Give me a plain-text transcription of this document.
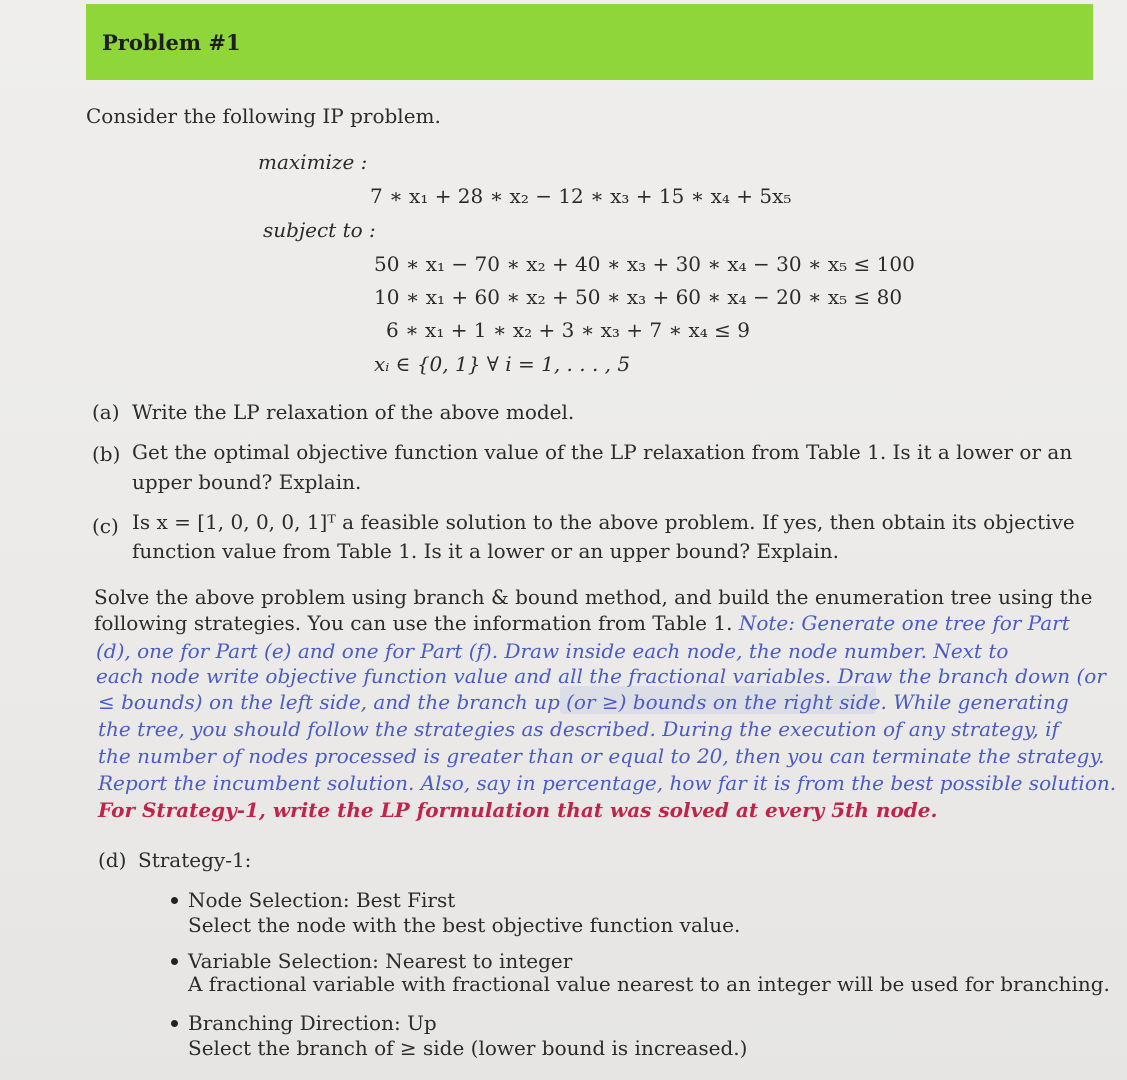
Problem #1
Consider the following IP problem.
maximize :
7 ∗ x₁ + 28 ∗ x₂ − 12 ∗ x₃ + 15 ∗ x₄ + 5x₅
subject to :
50 ∗ x₁ − 70 ∗ x₂ + 40 ∗ x₃ + 30 ∗ x₄ − 30 ∗ x₅ ≤ 100
10 ∗ x₁ + 60 ∗ x₂ + 50 ∗ x₃ + 60 ∗ x₄ − 20 ∗ x₅ ≤ 80
6 ∗ x₁ + 1 ∗ x₂ + 3 ∗ x₃ + 7 ∗ x₄ ≤ 9
xᵢ ∈ {0, 1} ∀ i = 1, . . . , 5
(a) Write the LP relaxation of the above model.
(b) Get the optimal objective function value of the LP relaxation from Table 1. Is it a lower or an
upper bound? Explain.
(c) Is x = [1, 0, 0, 0, 1]ᵀ a feasible solution to the above problem. If yes, then obtain its objective
function value from Table 1. Is it a lower or an upper bound? Explain.
Solve the above problem using branch & bound method, and build the enumeration tree using the
following strategies. You can use the information from Table 1. Note: Generate one tree for Part
(d), one for Part (e) and one for Part (f). Draw inside each node, the node number. Next to
each node write objective function value and all the fractional variables. Draw the branch down (or
≤ bounds) on the left side, and the branch up (or ≥) bounds on the right side. While generating
the tree, you should follow the strategies as described. During the execution of any strategy, if
the number of nodes processed is greater than or equal to 20, then you can terminate the strategy.
Report the incumbent solution. Also, say in percentage, how far it is from the best possible solution.
For Strategy-1, write the LP formulation that was solved at every 5th node.
(d) Strategy-1:
Node Selection: Best First
Select the node with the best objective function value.
Variable Selection: Nearest to integer
A fractional variable with fractional value nearest to an integer will be used for branching.
Branching Direction: Up
Select the branch of ≥ side (lower bound is increased.)
